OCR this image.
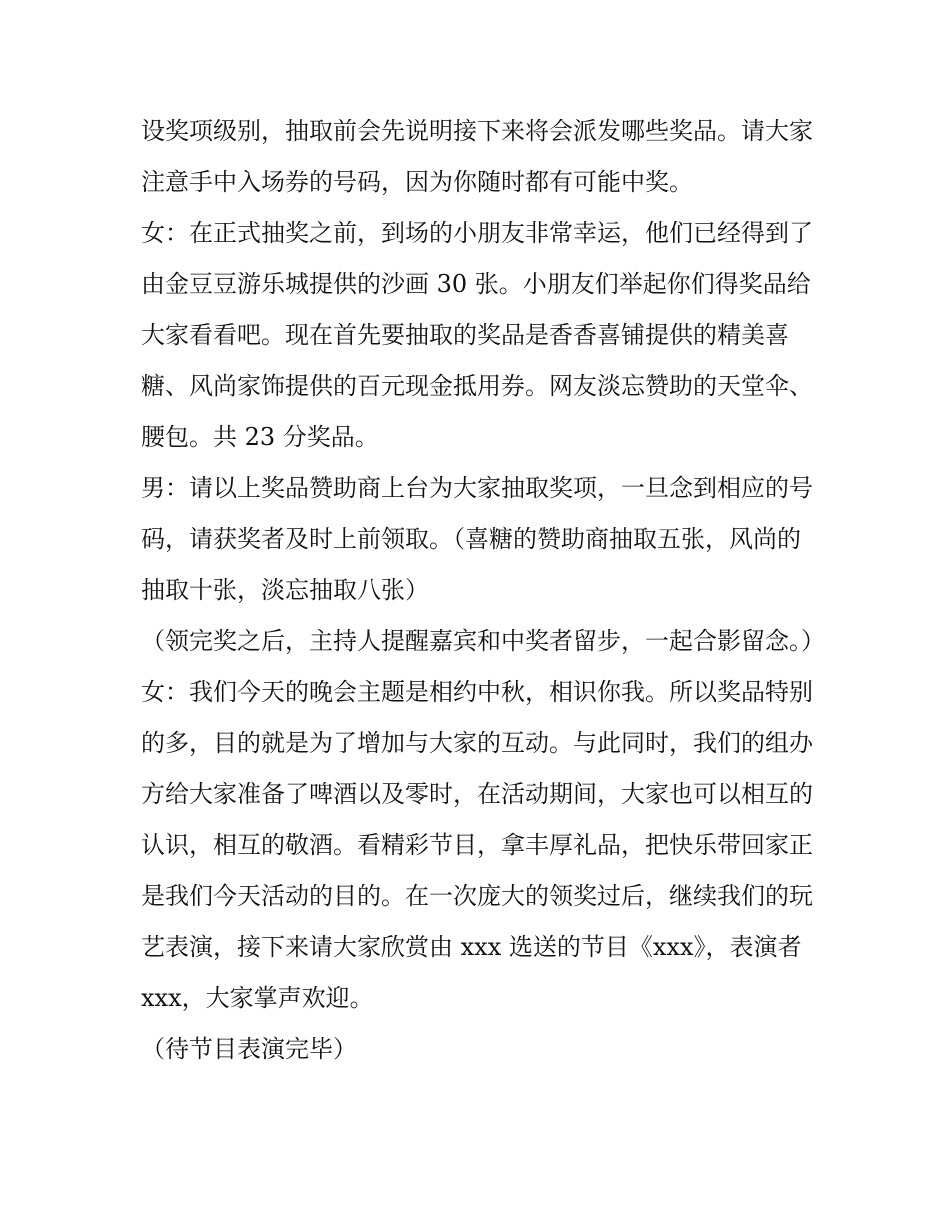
设奖项级别，抽取前会先说明接下来将会派发哪些奖品。请大家注意手中入场券的号码，因为你随时都有可能中奖。

女：在正式抽奖之前，到场的小朋友非常幸运，他们已经得到了由金豆豆游乐城提供的沙画 30 张。小朋友们举起你们得奖品给大家看看吧。现在首先要抽取的奖品是香香喜铺提供的精美喜糖、风尚家饰提供的百元现金抵用券。网友淡忘赞助的天堂伞、腰包。共 23 分奖品。

男：请以上奖品赞助商上台为大家抽取奖项，一旦念到相应的号码，请获奖者及时上前领取。（喜糖的赞助商抽取五张，风尚的抽取十张，淡忘抽取八张）

（领完奖之后，主持人提醒嘉宾和中奖者留步，一起合影留念。）

女：我们今天的晚会主题是相约中秋，相识你我。所以奖品特别的多，目的就是为了增加与大家的互动。与此同时，我们的组办方给大家准备了啤酒以及零时，在活动期间，大家也可以相互的认识，相互的敬酒。看精彩节目，拿丰厚礼品，把快乐带回家正是我们今天活动的目的。在一次庞大的领奖过后，继续我们的玩艺表演，接下来请大家欣赏由 xxx 选送的节目《xxx》，表演者 xxx，大家掌声欢迎。

（待节目表演完毕）
